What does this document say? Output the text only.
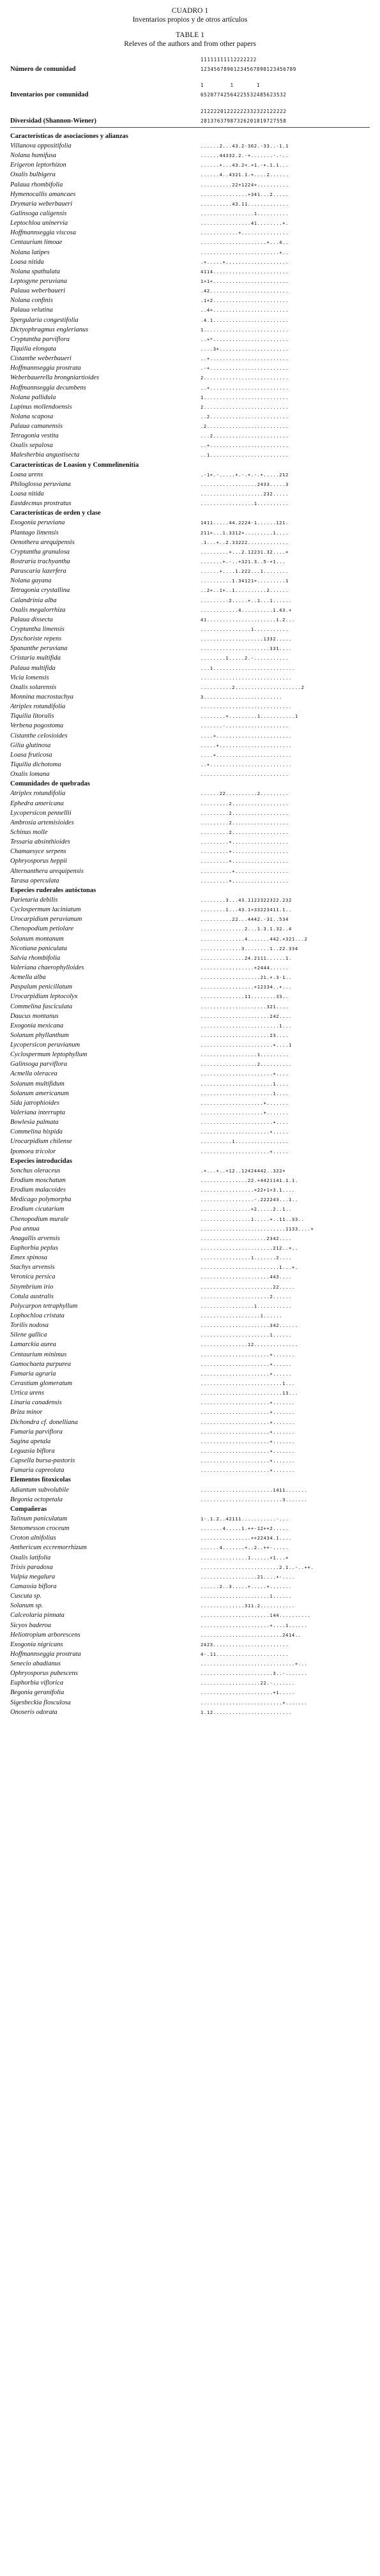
CUADRO 1
Inventarios propios y de otros artículos
TABLE 1
Releves of the authors and from other papers
11111111112222222
Número de comunidad	12345678901234567890123456789
1        1       1
Inventarios por comunidad	65207742564225532485623532
21222201222222332322122222
Diversidad (Shannon-Wiener)	28137637987326201819727558
Características de asociaciones y alianzas
Villanova oppositifolia	......2...43.2-362.-33..-1.1
Nolana humifusa	......44332.2.-+.......-.-..
Erigeron leptorhizon	......+...43.2+.+1.-+.1.1...
Oxalis bulbigera	......4..4321.1.+....2......
Palaua rhombifolia	..........22+1224+..........
Hymenocallis amancaes	...............+341...2.....
Drymaria weberbaueri	..........43.11.............
Galinsoga caligensis	.................1..........
Leptochloa uninervia	................41........+.
Hoffmannseggia viscosa	............+...............
Centaurium limoae	.....................+...4..
Nolana latipes	.........................+..
Loasa nitida	.+.....+....................
Nolana spathulata	4114........................
Leptogyne peruviana	1+1+........................
Palaua weberbaueri	.42.........................
Nolana confinis	.1+2........................
Palaua velutina	..4+........................
Spergularia congestifolia	.4.1........................
Dictyophragmus englerianus	1...........................
Cryptantha parviflora	..+*........................
Tiquilia elongata	....3+......................
Cistanthe weberbaueri	..+.........................
Hoffmannseggia prostrata	.-+.........................
Weberbauerella brongniartioides	2...........................
Hoffmannseggia decumbens	..+.........................
Nolana pallidula	1...........................
Lupinus mollendoensis	2...........................
Nolana scaposa	..2.........................
Palaua camanensis	.2..........................
Tetragonia vestita	...2........................
Oxalis sepalosa	..+.........................
Malesherbia angustisecta	..1.........................
Características de Loasion y Commelinenitia
Loasa urens	.-1+.-.....+.-.+.-.+.....212
Philoglossa peruviana	..................2433.....3
Loasa nitida	....................232.....
Eastdecmus prostratus	.................1..........
Características de orden y clase
Exogonia peruviana	1411.....44.2224-1......121.
Plantago limensis	211+...1.3312+.........1....
Oenothera arequipensis	.1...+..2.33222.............
Cryptantha granulosa	.........+...2.12231.32....+
Rostraria trachyantha	.......+.-..+321.3..5-+1...
Parascaria lazerfera	......+....1.222...1........
Nolana gayana	..........1.34121+.........1
Tetragonia crystallina	..2+..1+..1..........2......
Calandrinia alba	.........2.....+..1...1......
Oxalis megalorrhiza	............4..........1.43.+
Palaua dissecta	41......................1.2...
Cryptantha limensis	................1...........
Dyschoriste repens	....................1332.....
Spananthe peruviana	......................331....
Cristaria multifida	........1.....2.-...........
Palaua multifida	...1..........................
Vicia lomensis	.............................
Oxalis solarensis	..........2.....................2
Monnina macrostachya	3.........................
Atriplex rotundifolia	.............................
Tiquilia litoralis	........+.........1...........1
Verbena pogostoma	.......-....................
Cistanthe celosioides	....+........................
Gilia glutinosa	.....+.......................
Loasa fruticosa	....+........................
Tiquilia dichotoma	..+..........................
Oxalis lomana	............................
Comunidades de quebradas
Atriplex rotundifolia	......22..........2.........
Ephedra americana	.........2..................
Lycopersicon pennellii	.........2..................
Ambrosia artemisioides	.........2..................
Schinus molle	.........2..................
Tessaria absinthioides	.........+..................
Chamaesyce serpens	.........+..................
Ophryosporus heppii	.........+..................
Alternanthera arequipensis	..........+.................
Tarasa operculata	.........+..................
Especies ruderales autóctonas
Parietaria debilis	........3...43.1122322322.232
Cyclospermum laciniatum	........1...43.1+33223411.1..
Urocarpidium peruvianum	..........22...4442.-31..534
Chenopodium petiolare	..............2...1.3.1.32..4
Solanum montanum	..............4.......442.+321...2
Nicotiana paniculata	.............3........1..22.334
Salvia rhombifolia	..............24.2111......1.
Valeriana chaerophylloides	.................+2444......
Acmella alba	...................21.+.3-1..
Paspalum penicillatum	.................+12334..+...
Urocarpidium leptocolyx	..............11........33..
Commelina fasciculata	.....................321....
Daucus montanus	......................242....
Exogonia mexicana	.........................1...
Solanum phyllanthum	......................23....
Lycopersicon peruvianum	.......................+....1
Cyclospermum leptophyllum	..................1.........
Galinsoga parviflora	..................2..........
Acmella oleracea	.......................+....
Solanum multifidum	.......................1....
Solanum americanum	.......................1....
Sida jatrophioides	....................+.......
Valeriana interrupta	....................+.......
Bowlesia palmata	.......................+....
Commelina hispida	......................+.....
Urocarpidium chilense	..........1.................
Ipomoea tricolor	......................+.....
Especies introducidas
Sonchus oleraceus	.+...+..+12..12424442..322+
Erodium moschatum	...............22.+4421141.1.1.
Erodium malacoides	.................+22+1+3.1....
Medicago polymorpha	.................-.222243...1..
Erodium cicutarium	................+2.....2..1..
Chenopodium murale	................1.....+..11..33..
Poa annua	...........................1133....+
Anagallis arvensis	.....................2342....
Euphorbia peplus	.......................212..+..
Emex spinosa	................1.......2....
Stachys arvensis	.........................1...+.
Veronica persica	......................443....
Sisymbrium irio	.......................22.....
Cotula australis	......................2......
Polycarpon tetraphyllum	.................1...........
Lophochloa cristata	...................1......
Torilis nodosa	......................342......
Silene gallica	......................1......
Lamarckia aurea	...............12..............
Centaurium minimus	......................+.......
Gamochaeta purpurea	......................+......
Fumaria agraria	......................+......
Cerastium glomeratum	..........................1...
Urtica urens	..........................13...
Linaria canadensis	......................+.......
Briza minor	......................+.......
Dichondra cf. donelliana	......................+.......
Fumaria parviflora	......................+.......
Sagina apetala	......................+.......
Leguasia biflora	......................+.......
Capsella bursa-pastoris	......................+.......
Fumaria capreolata	......................+.......
Elementos fitoxicolas
Adiantum subvolubile	.......................1411.......
Begonia octopetala	..........................3.......
Compañeras
Talinum paniculatum	1-.1.2..42111...........-...
Stenomesson croceum	.......4.....1.++-12++2.....
Croton alnifolius	................++22434.1....
Anthericum eccremorrhizum	......4.......+..2..++-.....
Oxalis latifolia	...............1......+1...+
Trixis paradoxa	.........................2.1..-..++.
Vulpia megalura	..................21....+-....
Camassia biflora	......2..3.....+.....+.......
Cuscuta sp.	......................1......
Solanum sp.	..............311.2...........
Calceolaria pinnata	......................144..........
Sicyos baderoa	......................+....1......
Heliotropium arborescens	..........................2414..
Exogonia nigricans	2423........................
Hoffmannseggia prostrata	4-.11.......................
Senecio abadianus	..............................+...
Ophryosporus pubescens	.......................3..-.......
Euphorbia viflorica	...................22.-.......
Begonia geranifolia	.......................+1.....
Sigesbeckia flosculosa	..........................+.......
Onoseris odorata	1.12.........................
